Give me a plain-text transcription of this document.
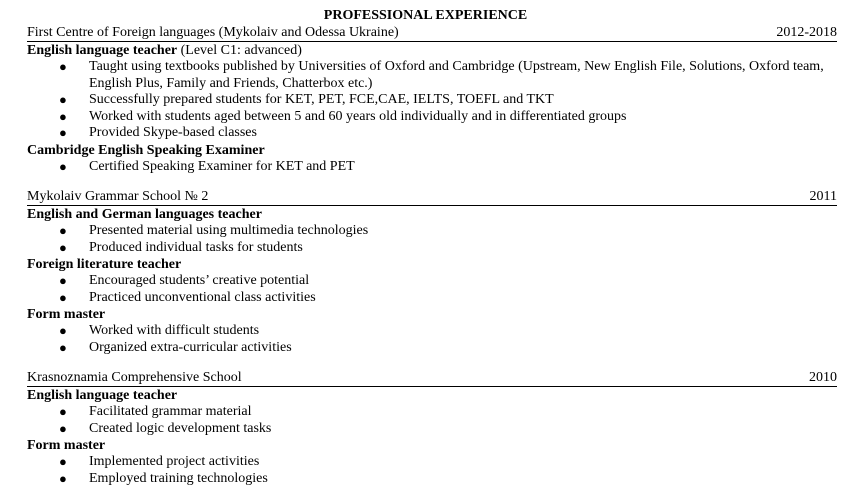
PROFESSIONAL EXPERIENCE
First Centre of Foreign languages (Mykolaiv and Odessa Ukraine)	2012-2018
English language teacher (Level C1: advanced)
● Taught using textbooks published by Universities of Oxford and Cambridge (Upstream, New English File, Solutions, Oxford team, English Plus, Family and Friends, Chatterbox etc.)
● Successfully prepared students for KET, PET, FCE,CAE, IELTS, TOEFL and TKT
● Worked with students aged between 5 and 60 years old individually and in differentiated groups
● Provided Skype-based classes
Cambridge English Speaking Examiner
● Certified Speaking Examiner for KET and PET
Mykolaiv Grammar School № 2	2011
English and German languages teacher
● Presented material using multimedia technologies
● Produced individual tasks for students
Foreign literature teacher
● Encouraged students’ creative potential
● Practiced unconventional class activities
Form master
● Worked with difficult students
● Organized extra-curricular activities
Krasnoznamia Comprehensive School	2010
English language teacher
● Facilitated grammar material
● Created logic development tasks
Form master
● Implemented project activities
● Employed training technologies
